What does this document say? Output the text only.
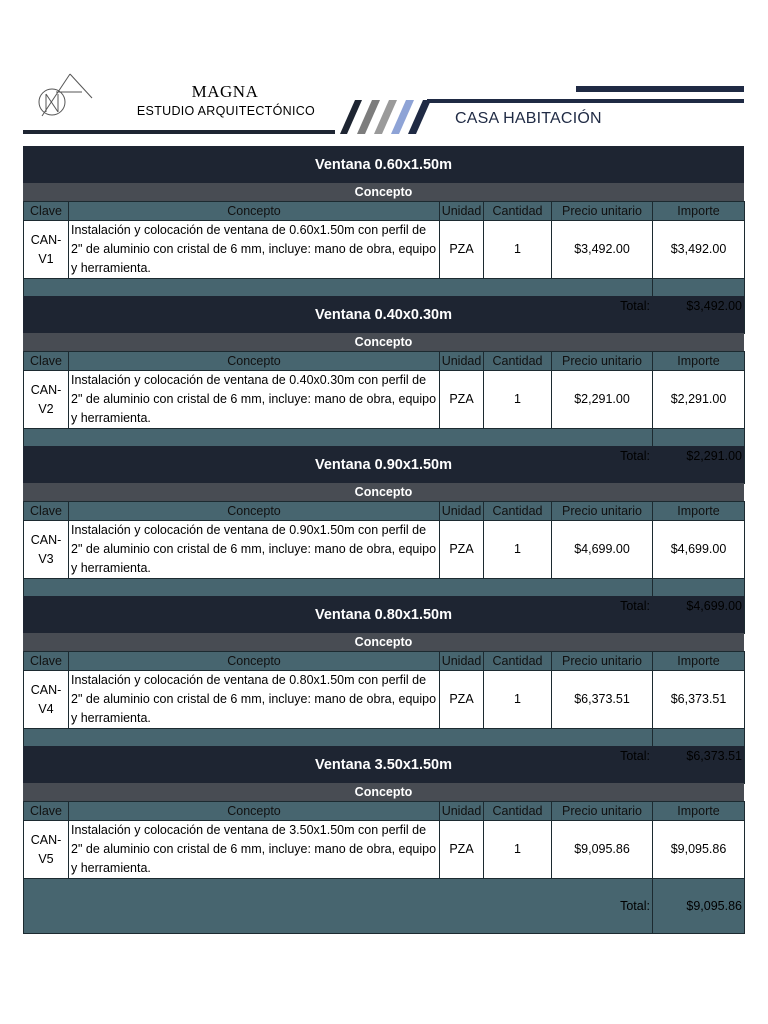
MAGNA
ESTUDIO ARQUITECTÓNICO	CASA HABITACIÓN
Ventana 0.60x1.50m
Concepto
Clave	Concepto	Unidad	Cantidad	Precio unitario	Importe
CAN-
V1	Instalación y colocación de ventana de 0.60x1.50m con perfil de 2" de aluminio con cristal de 6 mm, incluye: mano de obra, equipo y herramienta.	PZA	1	$3,492.00	$3,492.00
				Total:	$3,492.00
Ventana 0.40x0.30m
Concepto
Clave	Concepto	Unidad	Cantidad	Precio unitario	Importe
CAN-
V2	Instalación y colocación de ventana de 0.40x0.30m con perfil de 2" de aluminio con cristal de 6 mm, incluye: mano de obra, equipo y herramienta.	PZA	1	$2,291.00	$2,291.00
				Total:	$2,291.00
Ventana 0.90x1.50m
Concepto
Clave	Concepto	Unidad	Cantidad	Precio unitario	Importe
CAN-
V3	Instalación y colocación de ventana de 0.90x1.50m con perfil de 2" de aluminio con cristal de 6 mm, incluye: mano de obra, equipo y herramienta.	PZA	1	$4,699.00	$4,699.00
				Total:	$4,699.00
Ventana 0.80x1.50m
Concepto
Clave	Concepto	Unidad	Cantidad	Precio unitario	Importe
CAN-
V4	Instalación y colocación de ventana de 0.80x1.50m con perfil de 2" de aluminio con cristal de 6 mm, incluye: mano de obra, equipo y herramienta.	PZA	1	$6,373.51	$6,373.51
				Total:	$6,373.51
Ventana 3.50x1.50m
Concepto
Clave	Concepto	Unidad	Cantidad	Precio unitario	Importe
CAN-
V5	Instalación y colocación de ventana de 3.50x1.50m con perfil de 2" de aluminio con cristal de 6 mm, incluye: mano de obra, equipo y herramienta.	PZA	1	$9,095.86	$9,095.86
				Total:	$9,095.86
